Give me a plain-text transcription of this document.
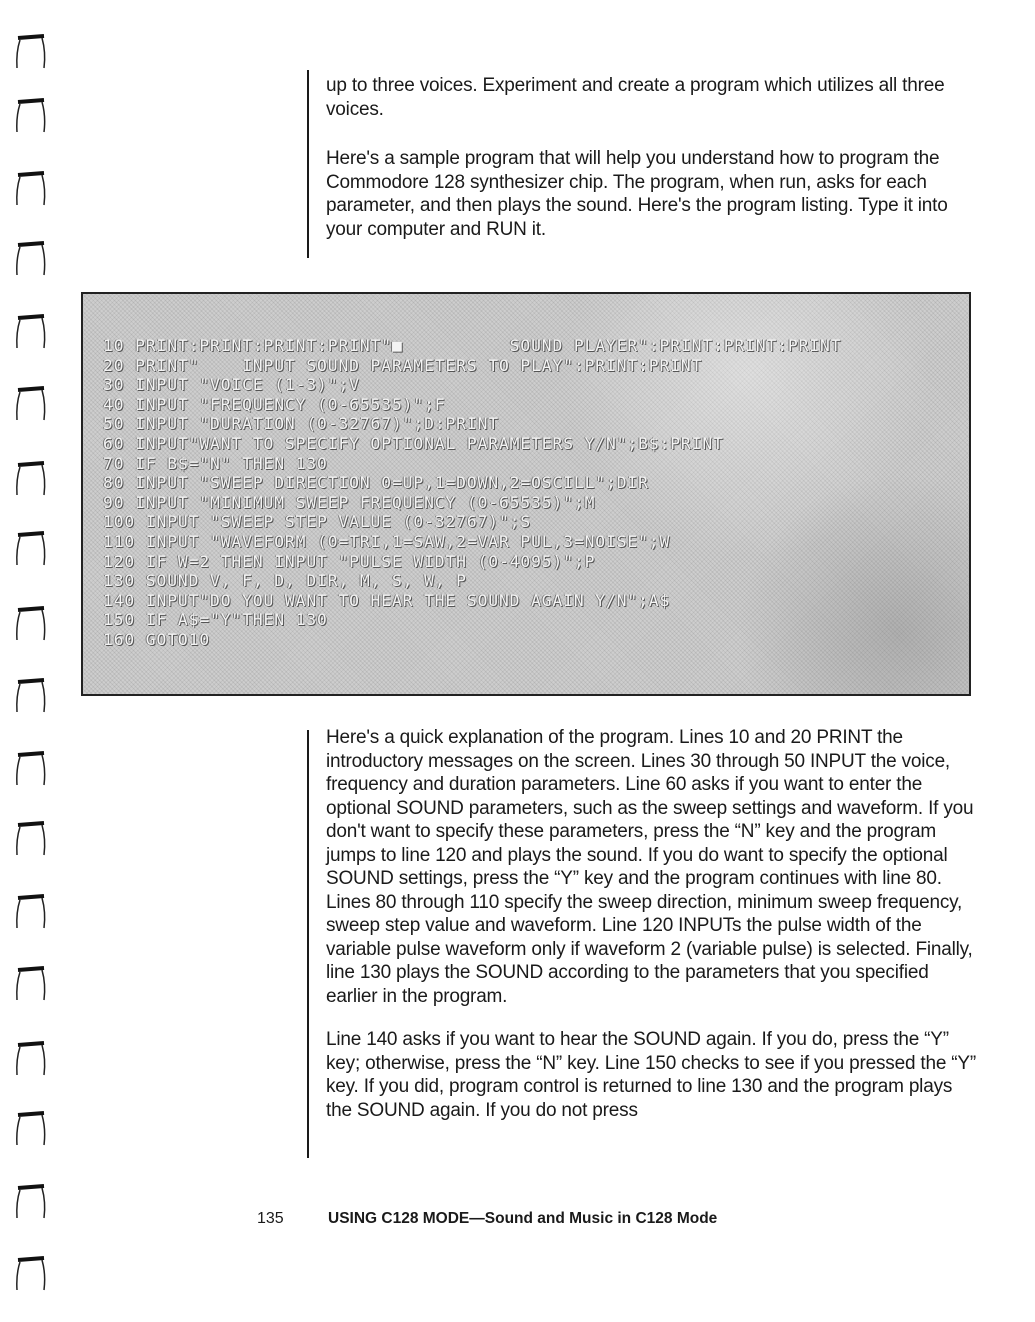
up to three voices. Experiment and create a program which utilizes all three voices.

Here's a sample program that will help you understand how to program the Commodore 128 synthesizer chip. The program, when run, asks for each parameter, and then plays the sound. Here's the program listing. Type it into your computer and RUN it.

10 PRINT:PRINT:PRINT:PRINT"■          SOUND PLAYER":PRINT:PRINT:PRINT
20 PRINT"    INPUT SOUND PARAMETERS TO PLAY":PRINT:PRINT
30 INPUT "VOICE (1-3)";V
40 INPUT "FREQUENCY (0-65535)";F
50 INPUT "DURATION (0-32767)";D:PRINT
60 INPUT"WANT TO SPECIFY OPTIONAL PARAMETERS Y/N";B$:PRINT
70 IF B$="N" THEN 130
80 INPUT "SWEEP DIRECTION 0=UP,1=DOWN,2=OSCILL";DIR
90 INPUT "MINIMUM SWEEP FREQUENCY (0-65535)";M
100 INPUT "SWEEP STEP VALUE (0-32767)";S
110 INPUT "WAVEFORM (0=TRI,1=SAW,2=VAR PUL,3=NOISE";W
120 IF W=2 THEN INPUT "PULSE WIDTH (0-4095)";P
130 SOUND V, F, D, DIR, M, S, W, P
140 INPUT"DO YOU WANT TO HEAR THE SOUND AGAIN Y/N";A$
150 IF A$="Y"THEN 130
160 GOTO10

Here's a quick explanation of the program. Lines 10 and 20 PRINT the introductory messages on the screen. Lines 30 through 50 INPUT the voice, frequency and duration parameters. Line 60 asks if you want to enter the optional SOUND parameters, such as the sweep settings and waveform. If you don't want to specify these parameters, press the “N” key and the program jumps to line 120 and plays the sound. If you do want to specify the optional SOUND settings, press the “Y” key and the program continues with line 80. Lines 80 through 110 specify the sweep direction, minimum sweep frequency, sweep step value and waveform. Line 120 INPUTs the pulse width of the variable pulse waveform only if waveform 2 (variable pulse) is selected. Finally, line 130 plays the SOUND according to the parameters that you specified earlier in the program.

Line 140 asks if you want to hear the SOUND again. If you do, press the “Y” key; otherwise, press the “N” key. Line 150 checks to see if you pressed the “Y” key. If you did, program control is returned to line 130 and the program plays the SOUND again. If you do not press

135	USING C128 MODE—Sound and Music in C128 Mode
